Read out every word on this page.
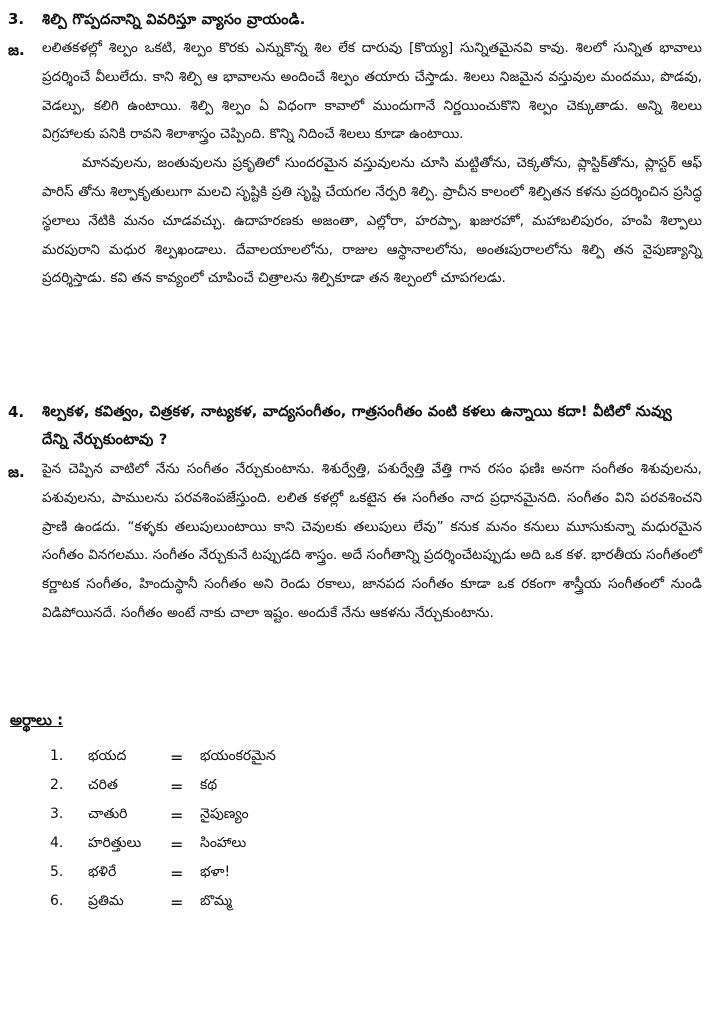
3. శిల్పి గొప్పదనాన్ని వివరిస్తూ వ్యాసం వ్రాయండి.
జ. లలితకళల్లో శిల్పం ఒకటి, శిల్పం కొరకు ఎన్నుకొన్న శిల లేక దారువు [కొయ్య] సున్నితమైనవి కావు. శిలలో సున్నిత భావాలు ప్రదర్శించే వీలులేదు. కాని శిల్పి ఆ భావాలను అందించే శిల్పం తయారు చేస్తాడు. శిలలు నిజమైన వస్తువుల మందము, పొడవు, వెడల్పు, కలిగి ఉంటాయి. శిల్పి శిల్పం ఏ విధంగా కావాలో ముందుగానే నిర్ణయించుకొని శిల్పం చెక్కుతాడు. అన్ని శిలలు విగ్రహాలకు పనికి రావని శిలాశాస్త్రం చెప్పింది. కొన్ని నిదించే శిలలు కూడా ఉంటాయి.

మానవులను, జంతువులను ప్రకృతిలో సుందరమైన వస్తువులను చూసి మట్టితోను, చెక్కతోను, ప్లాస్టిక్‌తోను, ప్లాస్టర్ ఆఫ్ పారిస్ తోను శిల్పాకృతులుగా మలచి సృష్టికి ప్రతి సృష్టి చేయగల నేర్పరి శిల్పి. ప్రాచీన కాలంలో శిల్పితన కళను ప్రదర్శించిన ప్రసిద్ధ స్థలాలు నేటికి మనం చూడవచ్చు. ఉదాహరణకు అజంతా, ఎల్లోరా, హరప్పా, ఖజురహో, మహాబలిపురం, హంపి శిల్పాలు మరపురాని మధుర శిల్పఖండాలు. దేవాలయాలలోను, రాజుల ఆస్థానాలలోను, అంతఃపురాలలోను శిల్పి తన నైపుణ్యాన్ని ప్రదర్శిస్తాడు. కవి తన కావ్యంలో చూపించే చిత్రాలను శిల్పికూడా తన శిల్పంలో చూపగలడు.

4. శిల్పకళ, కవిత్వం, చిత్రకళ, నాట్యకళ, వాద్యసంగీతం, గాత్రసంగీతం వంటి కళలు ఉన్నాయి కదా! వీటిలో నువ్వు దేన్ని నేర్చుకుంటావు ?
జ. పైన చెప్పిన వాటిలో నేను సంగీతం నేర్చుకుంటాను. శిశుర్వేత్తి, పశుర్వేత్తి వేత్తి గాన రసం ఫణిః అనగా సంగీతం శిశువులను, పశువులను, పాములను పరవశింపజేస్తుంది. లలిత కళల్లో ఒకటైన ఈ సంగీతం నాద ప్రధానమైనది. సంగీతం విని పరవశించని ప్రాణి ఉండదు. “కళ్ళకు తలుపులుంటాయి కాని చెవులకు తలుపులు లేవు” కనుక మనం కనులు మూసుకున్నా మధురమైన సంగీతం వినగలము. సంగీతం నేర్చుకునే టప్పుడది శాస్త్రం. అదే సంగీతాన్ని ప్రదర్శించేటప్పుడు అది ఒక కళ. భారతీయ సంగీతంలో కర్ణాటక సంగీతం, హిందుస్థానీ సంగీతం అని రెండు రకాలు, జానపద సంగీతం కూడా ఒక రకంగా శాస్త్రీయ సంగీతంలో నుండి విడిపోయినదే. సంగీతం అంటే నాకు చాలా ఇష్టం. అందుకే నేను ఆకళను నేర్చుకుంటాను.

అర్థాలు :
1. భయద	= భయంకరమైన
2. చరిత	= కథ
3. చాతురి	= నైపుణ్యం
4. హరిత్తులు = సింహాలు
5. భళిరే	= భళా!
6. ప్రతిమ	= బొమ్మ
